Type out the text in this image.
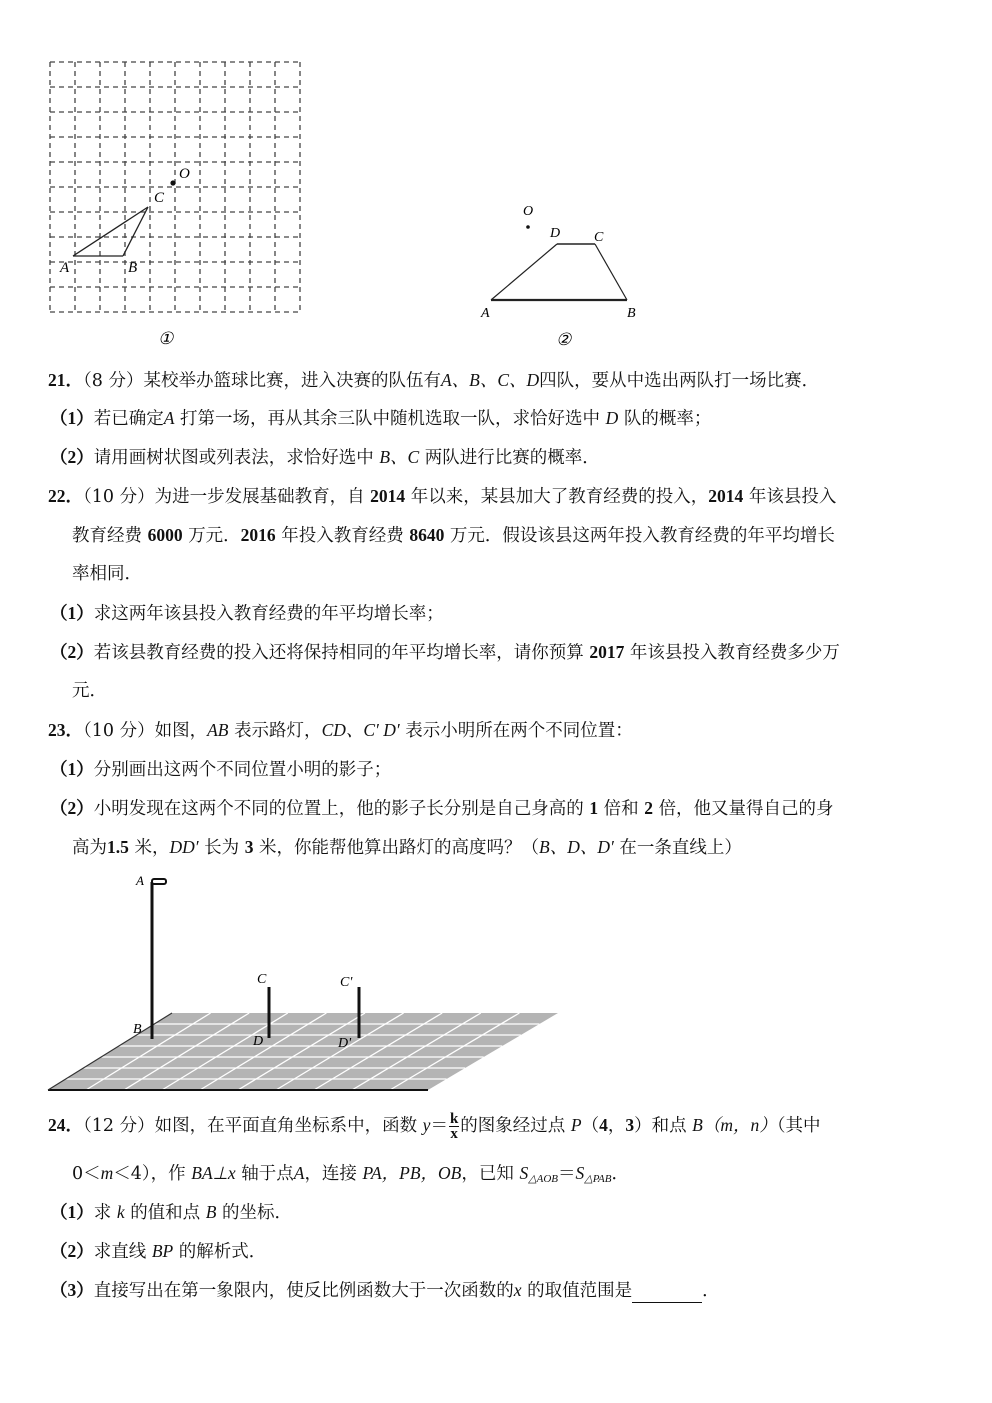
O
C
A	B
①
O
D C
A	B
②
21．（8 分）某校举办篮球比赛，进入决赛的队伍有A、B、C、D四队，要从中选出两队打一场比赛．
（1）若已确定A 打第一场，再从其余三队中随机选取一队，求恰好选中 D 队的概率；
（2）请用画树状图或列表法，求恰好选中 B、C 两队进行比赛的概率．
22．（10 分）为进一步发展基础教育，自 2014 年以来，某县加大了教育经费的投入，2014 年该县投入
教育经费 6000 万元．2016 年投入教育经费 8640 万元．假设该县这两年投入教育经费的年平均增长
率相同．
（1）求这两年该县投入教育经费的年平均增长率；
（2）若该县教育经费的投入还将保持相同的年平均增长率，请你预算 2017 年该县投入教育经费多少万
元．
23．（10 分）如图，AB 表示路灯，CD、C′ D′ 表示小明所在两个不同位置：
（1）分别画出这两个不同位置小明的影子；
（2）小明发现在这两个不同的位置上，他的影子长分别是自己身高的 1 倍和 2 倍，他又量得自己的身
高为1.5 米，DD′ 长为 3 米，你能帮他算出路灯的高度吗？（B、D、D′ 在一条直线上）
A
B
C
D
C'
D'
24．（12 分）如图，在平面直角坐标系中，函数 $y= \frac{k}{x}$ 的图象经过点 P（4，3）和点 B（m，n）（其中
0＜m＜4），作 BA⊥x 轴于点A，连接 PA，PB，OB，已知 S△AOB＝S△PAB．
（1）求 k 的值和点 B 的坐标．
（2）求直线 BP 的解析式．
（3）直接写出在第一象限内，使反比例函数大于一次函数的x 的取值范围是	．
